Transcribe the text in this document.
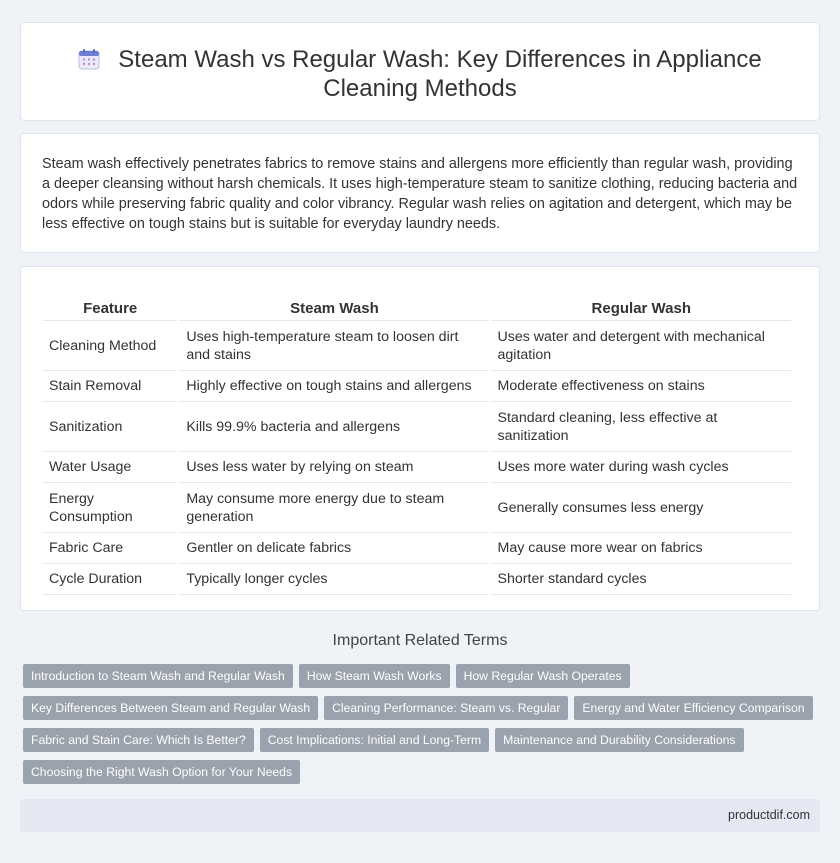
Steam Wash vs Regular Wash: Key Differences in Appliance Cleaning Methods

Steam wash effectively penetrates fabrics to remove stains and allergens more efficiently than regular wash, providing a deeper cleansing without harsh chemicals. It uses high-temperature steam to sanitize clothing, reducing bacteria and odors while preserving fabric quality and color vibrancy. Regular wash relies on agitation and detergent, which may be less effective on tough stains but is suitable for everyday laundry needs.

Feature	Steam Wash	Regular Wash
Cleaning Method	Uses high-temperature steam to loosen dirt and stains	Uses water and detergent with mechanical agitation
Stain Removal	Highly effective on tough stains and allergens	Moderate effectiveness on stains
Sanitization	Kills 99.9% bacteria and allergens	Standard cleaning, less effective at sanitization
Water Usage	Uses less water by relying on steam	Uses more water during wash cycles
Energy Consumption	May consume more energy due to steam generation	Generally consumes less energy
Fabric Care	Gentler on delicate fabrics	May cause more wear on fabrics
Cycle Duration	Typically longer cycles	Shorter standard cycles
Important Related Terms
Introduction to Steam Wash and Regular Wash How Steam Wash Works How Regular Wash Operates
Key Differences Between Steam and Regular Wash Cleaning Performance: Steam vs. Regular Energy and Water Efficiency Comparison
Fabric and Stain Care: Which Is Better? Cost Implications: Initial and Long-Term Maintenance and Durability Considerations
Choosing the Right Wash Option for Your Needs
productdif.com
